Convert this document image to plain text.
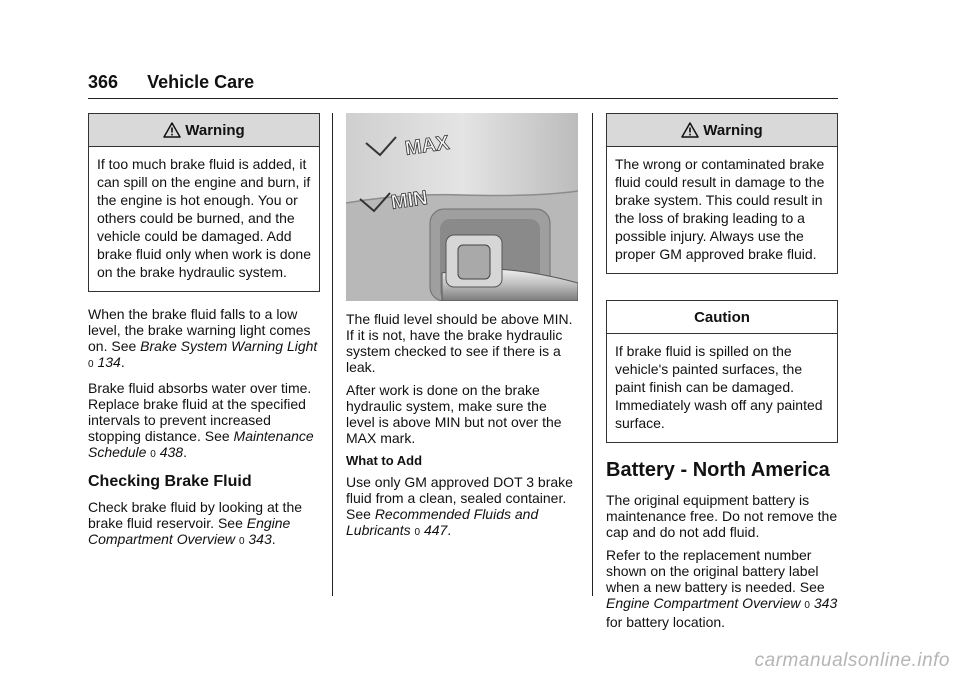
366 Vehicle Care
Warning
If too much brake fluid is added, it can spill on the engine and burn, if the engine is hot enough. You or others could be burned, and the vehicle could be damaged. Add brake fluid only when work is done on the brake hydraulic system.

When the brake fluid falls to a low level, the brake warning light comes on. See Brake System Warning Light 0 134.

Brake fluid absorbs water over time. Replace brake fluid at the specified intervals to prevent increased stopping distance. See Maintenance Schedule 0 438.

Checking Brake Fluid

Check brake fluid by looking at the brake fluid reservoir. See Engine Compartment Overview 0 343.

MAX
MIN

The fluid level should be above MIN. If it is not, have the brake hydraulic system checked to see if there is a leak.

After work is done on the brake hydraulic system, make sure the level is above MIN but not over the MAX mark.

What to Add

Use only GM approved DOT 3 brake fluid from a clean, sealed container. See Recommended Fluids and Lubricants 0 447.

Warning
The wrong or contaminated brake fluid could result in damage to the brake system. This could result in the loss of braking leading to a possible injury. Always use the proper GM approved brake fluid.
Caution
If brake fluid is spilled on the vehicle's painted surfaces, the paint finish can be damaged. Immediately wash off any painted surface.
Battery - North America

The original equipment battery is maintenance free. Do not remove the cap and do not add fluid.

Refer to the replacement number shown on the original battery label when a new battery is needed. See Engine Compartment Overview 0 343 for battery location.

carmanualsonline.info
